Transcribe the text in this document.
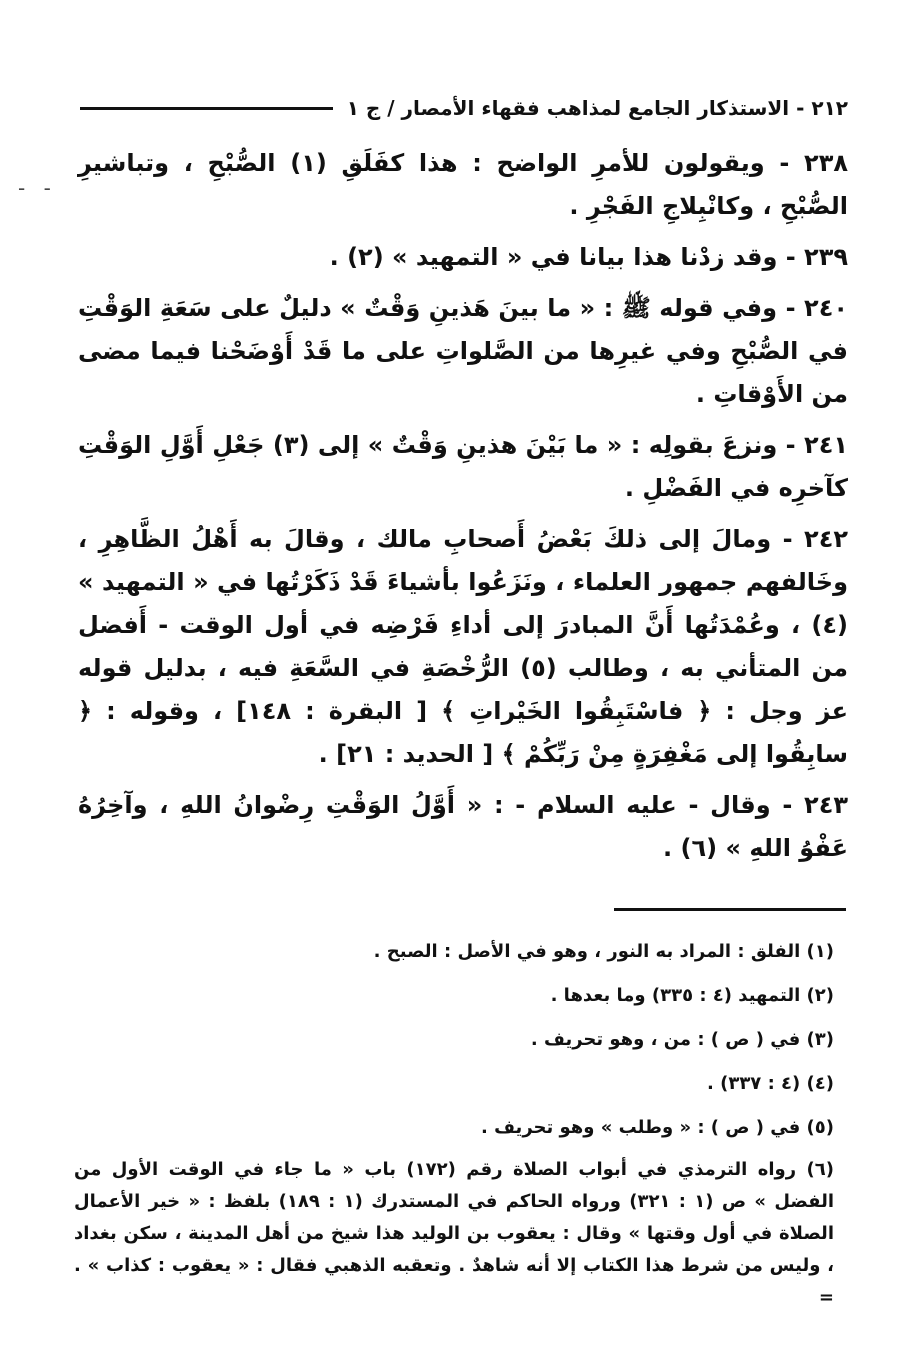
٢١٢ - الاستذكار الجامع لمذاهب فقهاء الأمصار / ج ١
- -

٢٣٨ - ويقولون للأمرِ الواضح : هذا كفَلَقِ (١) الصُّبْحِ ، وتباشيرِ الصُّبْحِ ، وكانْبِلاجِ الفَجْرِ .

٢٣٩ - وقد زدْنا هذا بيانا في « التمهيد » (٢) .

٢٤٠ - وفي قوله ﷺ : « ما بينَ هَذينِ وَقْتٌ » دليلٌ على سَعَةِ الوَقْتِ في الصُّبْحِ وفي غيرِها من الصَّلواتِ على ما قَدْ أَوْضَحْنا فيما مضى من الأَوْقاتِ .

٢٤١ - ونزعَ بقولِه : « ما بَيْنَ هذينِ وَقْتٌ » إلى (٣) جَعْلِ أَوَّلِ الوَقْتِ كآخرِه في الفَضْلِ .

٢٤٢ - ومالَ إلى ذلكَ بَعْضُ أَصحابِ مالك ، وقالَ به أَهْلُ الظَّاهِرِ ، وخَالفهم جمهور العلماء ، ونَزَعُوا بأشياءَ قَدْ ذَكَرْتُها في « التمهيد » (٤) ، وعُمْدَتُها أَنَّ المبادرَ إلى أداءِ فَرْضِه في أول الوقت - أَفضل من المتأني به ، وطالب (٥) الرُّخْصَةِ في السَّعَةِ فيه ، بدليل قوله عز وجل : ﴿ فاسْتَبِقُوا الخَيْراتِ ﴾ [ البقرة : ١٤٨] ، وقوله : ﴿ سابِقُوا إلى مَغْفِرَةٍ مِنْ رَبِّكُمْ ﴾ [ الحديد : ٢١] .

٢٤٣ - وقال - عليه السلام - : « أَوَّلُ الوَقْتِ رِضْوانُ اللهِ ، وآخِرُهُ عَفْوُ اللهِ » (٦) .

(١) الفلق : المراد به النور ، وهو في الأصل : الصبح .

(٢) التمهيد (٤ : ٣٣٥) وما بعدها .

(٣) في ( ص ) : من ، وهو تحريف .

(٤) (٤ : ٣٣٧) .

(٥) في ( ص ) : « وطلب » وهو تحريف .

(٦) رواه الترمذي في أبواب الصلاة رقم (١٧٢) باب « ما جاء في الوقت الأول من الفضل » ص (١ : ٣٢١) ورواه الحاكم في المستدرك (١ : ١٨٩) بلفظ : « خير الأعمال الصلاة في أول وقتها » وقال : يعقوب بن الوليد هذا شيخ من أهل المدينة ، سكن بغداد ، وليس من شرط هذا الكتاب إلا أنه شاهدٌ . وتعقبه الذهبي فقال : « يعقوب : كذاب » . =
